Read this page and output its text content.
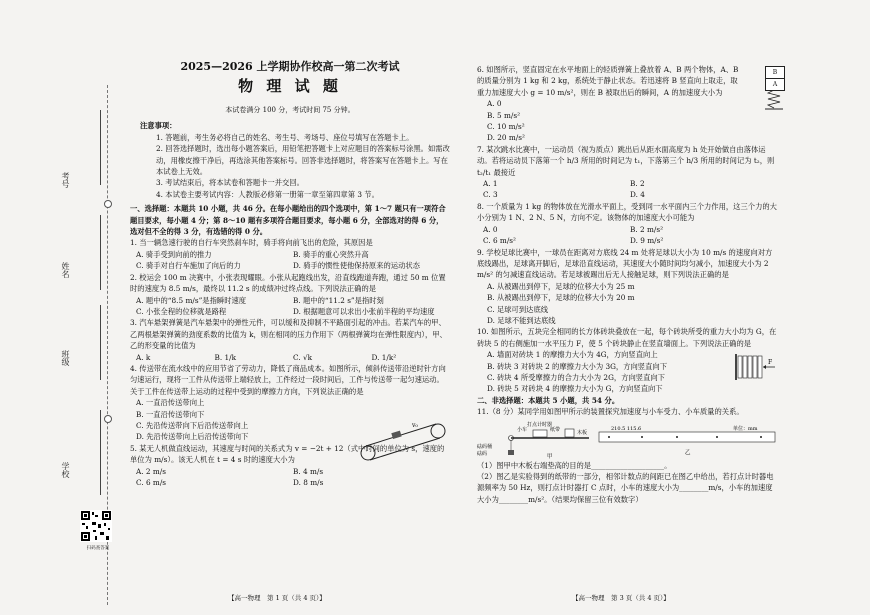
考号
姓名
班级
学校
扫码查答案

2025—2026 上学期协作校高一第二次考试

物 理 试 题

本试卷满分 100 分，考试时间 75 分钟。

注意事项：

1. 答题前，考生务必将自己的姓名、考生号、考场号、座位号填写在答题卡上。

2. 回答选择题时，选出每小题答案后，用铅笔把答题卡上对应题目的答案标号涂黑。如需改动，用橡皮擦干净后，再选涂其他答案标号。回答非选择题时，将答案写在答题卡上。写在本试卷上无效。

3. 考试结束后，将本试卷和答题卡一并交回。

4. 本试卷主要考试内容：人教版必修第一册第一章至第四章第 3 节。

一、选择题：本题共 10 小题，共 46 分。在每小题给出的四个选项中，第 1～7 题只有一项符合题目要求，每小题 4 分；第 8～10 题有多项符合题目要求，每小题 6 分，全部选对的得 6 分，选对但不全的得 3 分，有选错的得 0 分。

1. 当一辆急速行驶的自行车突然刹车时，骑手将向前飞出的危险，其原因是

A. 骑手受到向前的推力	B. 骑手的重心突然升高
C. 骑手对自行车施加了向后的力	D. 骑手的惯性使他保持原来的运动状态

2. 校运会 100 m 决赛中，小张表现耀眼。小张从起跑线出发，沿直线跑道奔跑，通过 50 m 位置时的速度为 8.5 m/s，最终以 11.2 s 的成绩冲过终点线。下列说法正确的是

A. 题中的“8.5 m/s”是指瞬时速度	B. 题中的“11.2 s”是指时刻
C. 小张全程的位移就是路程	D. 根据题意可以求出小张前半程的平均速度

3. 汽车悬架弹簧是汽车悬架中的弹性元件，可以缓和及抑制不平路面引起的冲击。若某汽车的甲、乙两根悬架弹簧的劲度系数的比值为 k，则在相同的压力作用下（两根弹簧均在弹性限度内），甲、乙的形变量的比值为

A. k	B. 1/k	C. √k	D. 1/k²

4. 传送带在流水线中的应用节省了劳动力，降低了商品成本。如图所示，倾斜传送带沿逆时针方向匀速运行，现将一工件从传送带上端轻放上，工件经过一段时间后，工件与传送带一起匀速运动。关于工件在传送带上运动的过程中受到的摩擦力方向，下列说法正确的是

A. 一直沿传送带向上

B. 一直沿传送带向下

C. 先沿传送带向下后沿传送带向上

D. 先沿传送带向上后沿传送带向下

v₀

5. 某无人机做直线运动，其速度与时间的关系式为 v = −2t + 12（式中时间的单位为 s，速度的单位为 m/s）。该无人机在 t = 4 s 时的速度大小为

A. 2 m/s	B. 4 m/s
C. 6 m/s	D. 8 m/s

6. 如图所示，竖直固定在水平地面上的轻质弹簧上叠放着 A、B 两个物体，A、B 的质量分别为 1 kg 和 2 kg，系统处于静止状态。若迅速将 B 竖直向上取走，取重力加速度大小 g = 10 m/s²，则在 B 被取出后的瞬间，A 的加速度大小为

A. 0

B. 5 m/s²

C. 10 m/s²

D. 20 m/s²

B
A

7. 某次跳水比赛中，一运动员（视为质点）跳出后从距水面高度为 h 处开始做自由落体运动。若将运动员下落第一个 h/3 所用的时间记为 t₁，下落第三个 h/3 所用的时间记为 t₂，则 t₂/t₁ 最接近

A. 1	B. 2
C. 3	D. 4

8. 一个质量为 1 kg 的物体放在光滑水平面上，受到同一水平面内三个力作用，这三个力的大小分别为 1 N、2 N、5 N，方向不定。该物体的加速度大小可能为

A. 0	B. 2 m/s²
C. 6 m/s²	D. 9 m/s²

9. 学校足球比赛中，一球员在距离对方底线 24 m 处将足球以大小为 10 m/s 的速度向对方底线踢出，足球离开脚后，足球沿直线运动，其速度大小随时间均匀减小，加速度大小为 2 m/s² 的匀减速直线运动。若足球被踢出后无人接触足球，则下列说法正确的是

A. 从被踢出到停下，足球的位移大小为 25 m

B. 从被踢出到停下，足球的位移大小为 20 m

C. 足球可到达底线

D. 足球不能到达底线

10. 如图所示，五块完全相同的长方体砖块叠放在一起，每个砖块所受的重力大小均为 G，在砖块 5 的右侧施加一水平压力 F，使 5 个砖块静止在竖直墙面上。下列说法正确的是

A. 墙面对砖块 1 的摩擦力大小为 4G，方向竖直向上

B. 砖块 3 对砖块 2 的摩擦力大小为 3G，方向竖直向下

C. 砖块 4 所受摩擦力的合力大小为 2G，方向竖直向下

D. 砖块 5 对砖块 4 的摩擦力大小为 G，方向竖直向下

F

二、非选择题：本题共 5 小题，共 54 分。

11.（8 分）某同学用如图甲所示的装置探究加速度与小车受力、小车质量的关系。

打点计时器
小车	纸带	木板
砝码桶
砝码	甲
210.5 115.6	单位：mm
乙

（1）图甲中木板右端垫高的目的是____________________。

（2）图乙是实验得到的纸带的一部分，相邻计数点的间距已在图乙中给出，若打点计时器电源频率为 50 Hz，则打点计时器打 C 点时，小车的速度大小为________m/s，小车的加速度大小为________m/s²。（结果均保留三位有效数字）

【高一物理　第 1 页（共 4 页）】	【高一物理　第 3 页（共 4 页）】
